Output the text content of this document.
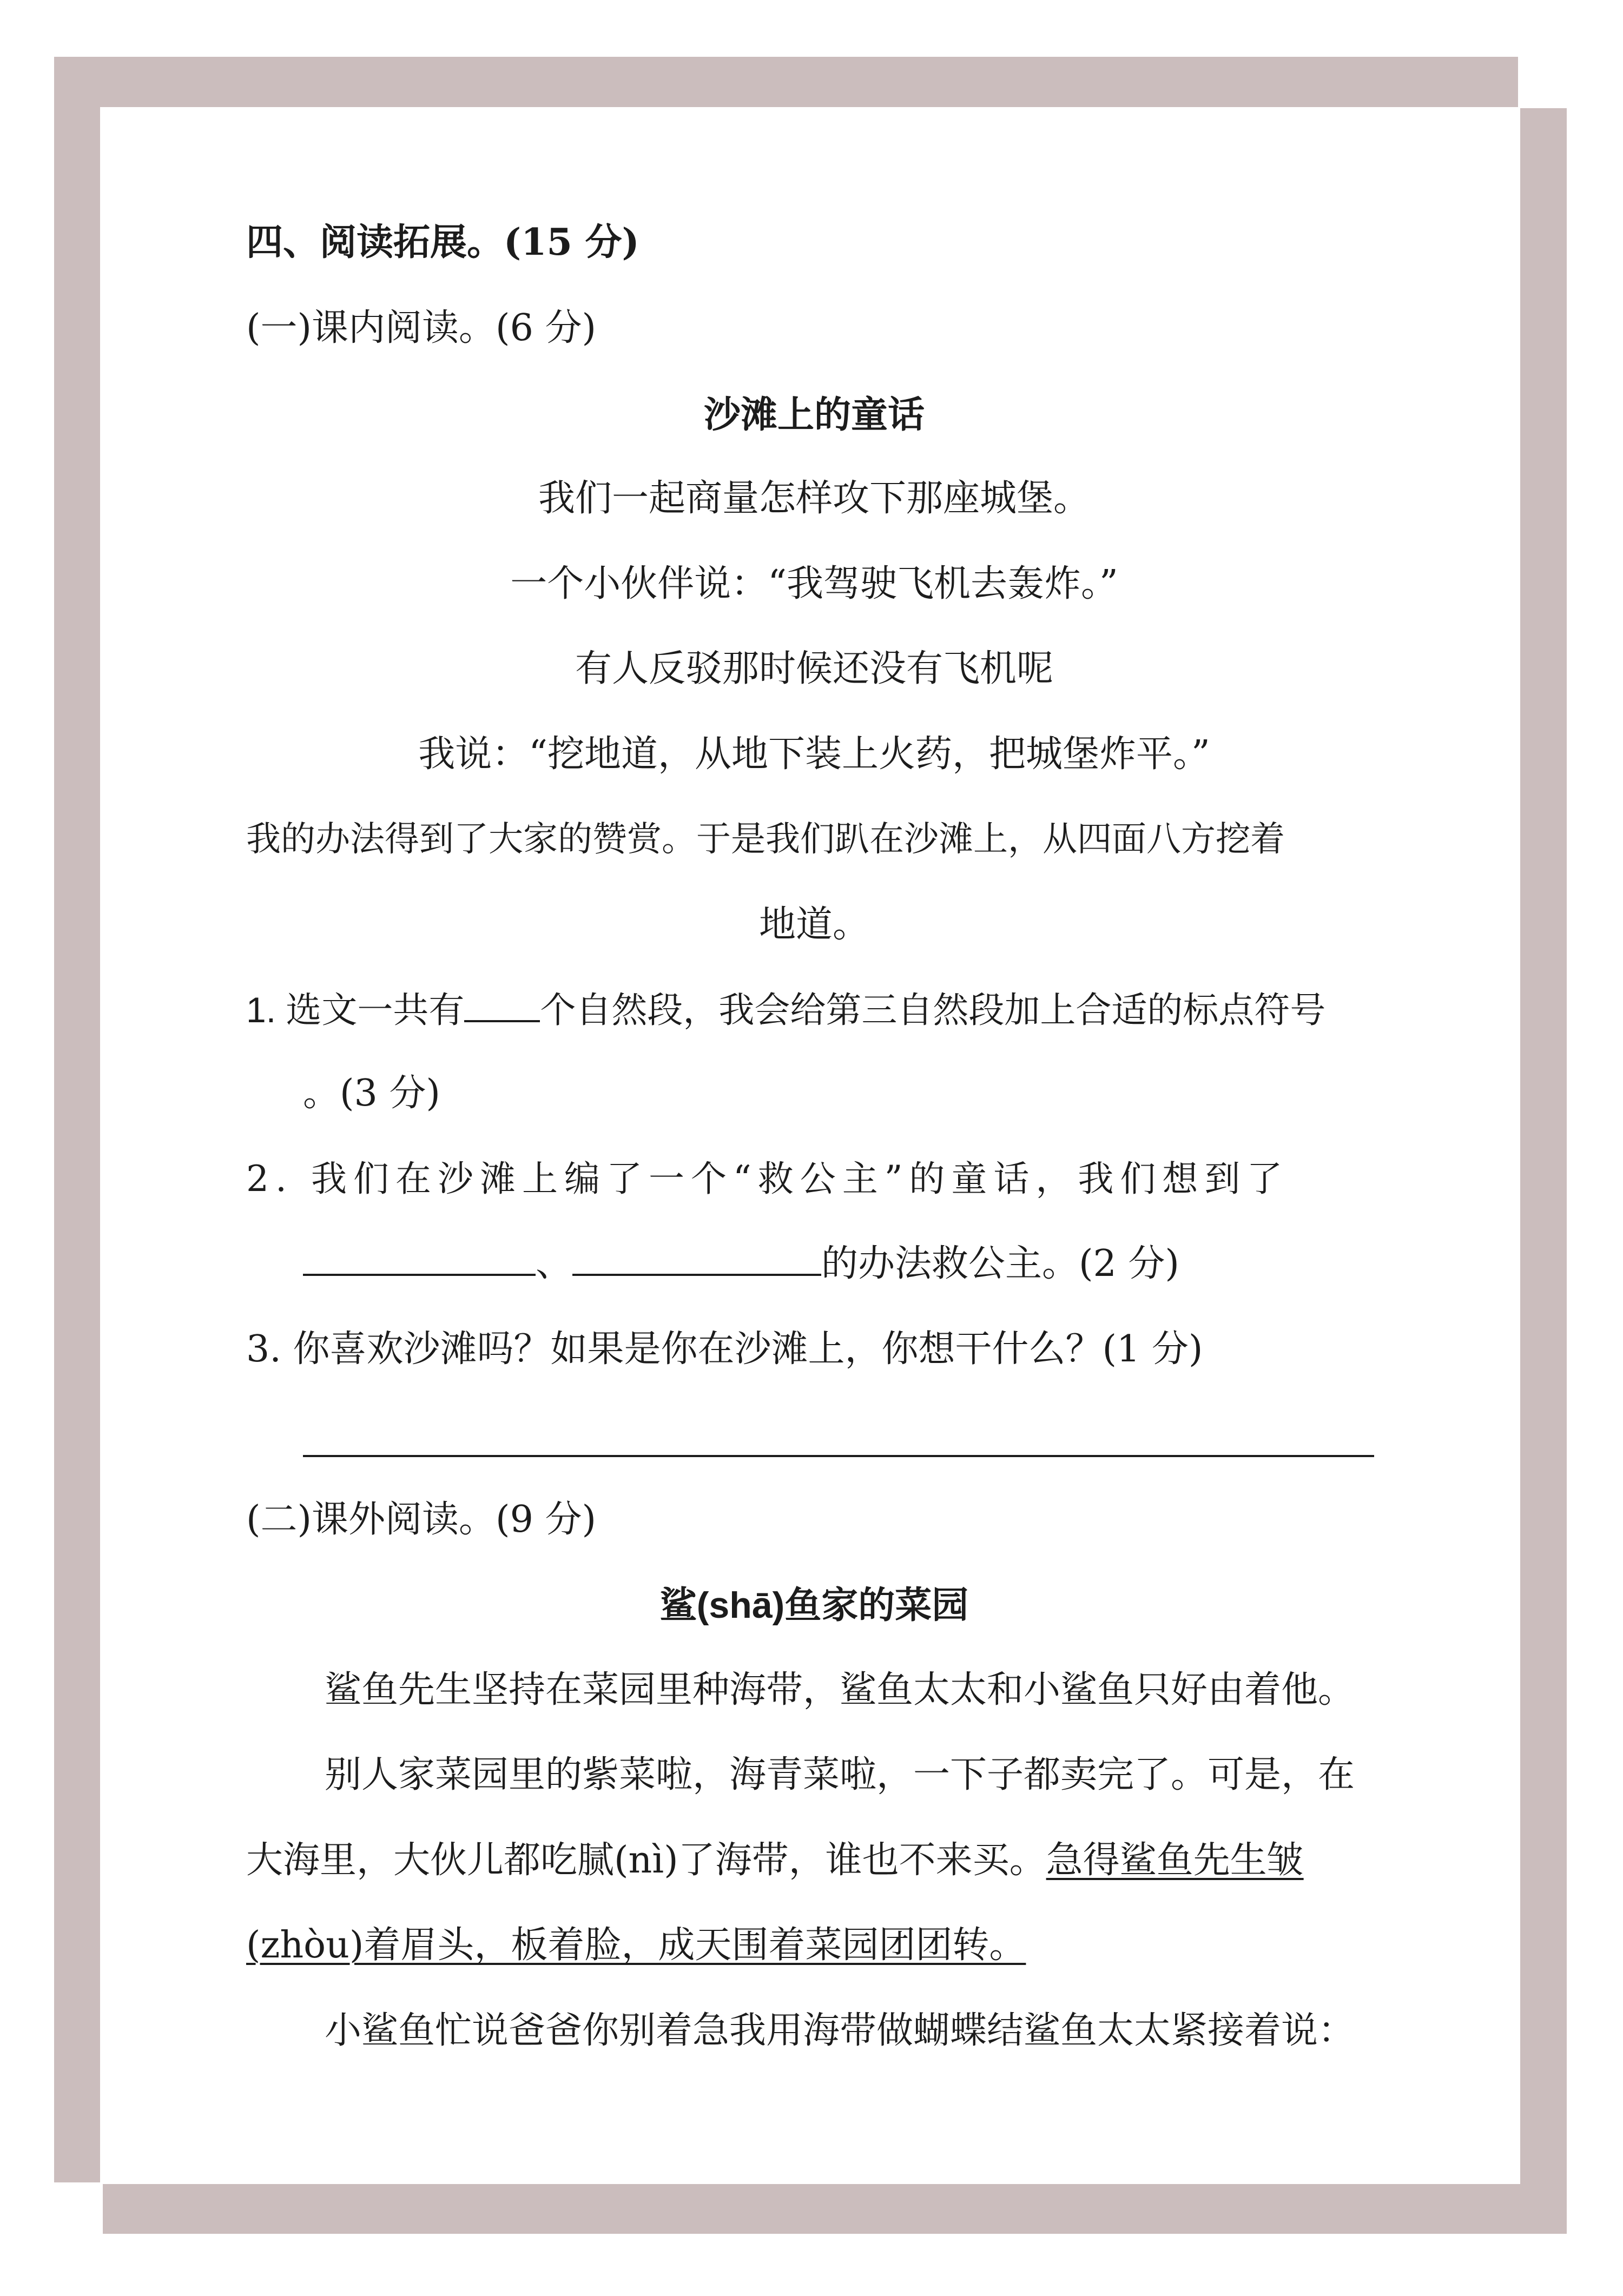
四、阅读拓展。(15 分)
(一)课内阅读。(6 分)
沙滩上的童话
我们一起商量怎样攻下那座城堡。
一个小伙伴说：“我驾驶飞机去轰炸。”
有人反驳那时候还没有飞机呢
我说：“挖地道，从地下装上火药，把城堡炸平。”
我的办法得到了大家的赞赏。于是我们趴在沙滩上，从四面八方挖着
地道。
1. 选文一共有 个自然段，我会给第三自然段加上合适的标点符号
。(3 分)
2. 我们在沙滩上编了一个“救公主”的童话，我们想到了
、	的办法救公主。(2 分)
3. 你喜欢沙滩吗？如果是你在沙滩上，你想干什么？(1 分)
(二)课外阅读。(9 分)
鲨(shā)鱼家的菜园
鲨鱼先生坚持在菜园里种海带，鲨鱼太太和小鲨鱼只好由着他。
别人家菜园里的紫菜啦，海青菜啦，一下子都卖完了。可是，在
大海里，大伙儿都吃腻(nì)了海带，谁也不来买。急得鲨鱼先生皱
(zhòu)着眉头，板着脸，成天围着菜园团团转。
小鲨鱼忙说爸爸你别着急我用海带做蝴蝶结鲨鱼太太紧接着说：
